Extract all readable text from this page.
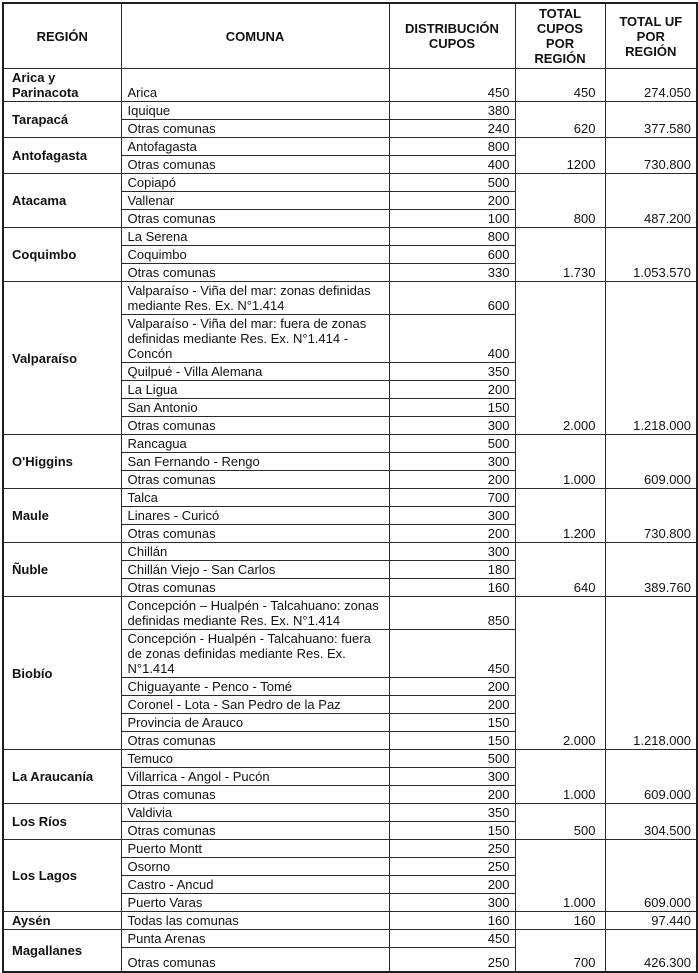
REGIÓN	COMUNA	DISTRIBUCIÓN CUPOS	TOTAL CUPOS POR REGIÓN	TOTAL UF POR REGIÓN
Arica y Parinacota	Arica	450	450	274.050
Tarapacá	Iquique	380	620	377.580
	Otras comunas	240		
Antofagasta	Antofagasta	800	1200	730.800
	Otras comunas	400		
Atacama	Copiapó	500	800	487.200
	Vallenar	200		
	Otras comunas	100		
Coquimbo	La Serena	800	1.730	1.053.570
	Coquimbo	600		
	Otras comunas	330		
Valparaíso	Valparaíso - Viña del mar: zonas definidas mediante Res. Ex. N°1.414	600	2.000	1.218.000
	Valparaíso - Viña del mar: fuera de zonas definidas mediante Res. Ex. N°1.414 - Concón	400		
	Quilpué - Villa Alemana	350		
	La Ligua	200		
	San Antonio	150		
	Otras comunas	300		
O'Higgins	Rancagua	500	1.000	609.000
	San Fernando - Rengo	300		
	Otras comunas	200		
Maule	Talca	700	1.200	730.800
	Linares - Curicó	300		
	Otras comunas	200		
Ñuble	Chillán	300	640	389.760
	Chillán Viejo - San Carlos	180		
	Otras comunas	160		
Biobío	Concepción – Hualpén - Talcahuano: zonas definidas mediante Res. Ex. N°1.414	850	2.000	1.218.000
	Concepción - Hualpén - Talcahuano: fuera de zonas definidas mediante Res. Ex. N°1.414	450		
	Chiguayante - Penco - Tomé	200		
	Coronel - Lota - San Pedro de la Paz	200		
	Provincia de Arauco	150		
	Otras comunas	150		
La Araucanía	Temuco	500	1.000	609.000
	Villarrica - Angol - Pucón	300		
	Otras comunas	200		
Los Ríos	Valdivia	350	500	304.500
	Otras comunas	150		
Los Lagos	Puerto Montt	250	1.000	609.000
	Osorno	250		
	Castro - Ancud	200		
	Puerto Varas	300		
Aysén	Todas las comunas	160	160	97.440
Magallanes	Punta Arenas	450	700	426.300
	Otras comunas	250		
